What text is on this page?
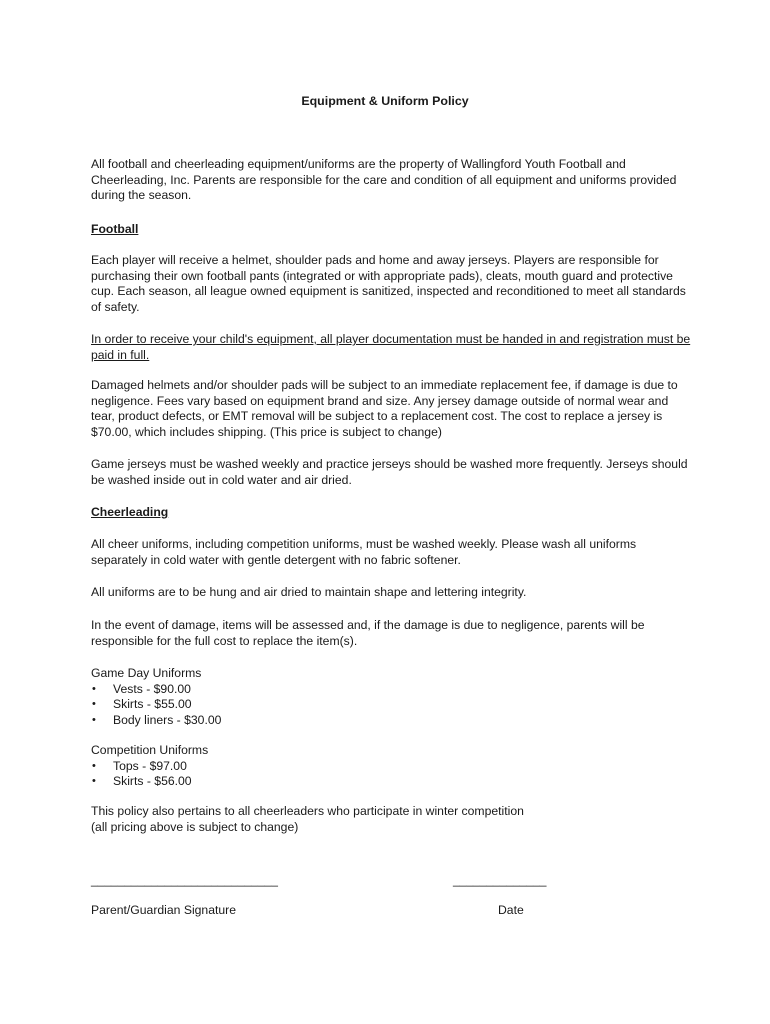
Equipment & Uniform Policy

All football and cheerleading equipment/uniforms are the property of Wallingford Youth Football and Cheerleading, Inc. Parents are responsible for the care and condition of all equipment and uniforms provided during the season.

Football

Each player will receive a helmet, shoulder pads and home and away jerseys. Players are responsible for purchasing their own football pants (integrated or with appropriate pads), cleats, mouth guard and protective cup. Each season, all league owned equipment is sanitized, inspected and reconditioned to meet all standards of safety.

In order to receive your child's equipment, all player documentation must be handed in and registration must be paid in full.

Damaged helmets and/or shoulder pads will be subject to an immediate replacement fee, if damage is due to negligence. Fees vary based on equipment brand and size. Any jersey damage outside of normal wear and tear, product defects, or EMT removal will be subject to a replacement cost. The cost to replace a jersey is $70.00, which includes shipping. (This price is subject to change)

Game jerseys must be washed weekly and practice jerseys should be washed more frequently. Jerseys should be washed inside out in cold water and air dried.

Cheerleading

All cheer uniforms, including competition uniforms, must be washed weekly. Please wash all uniforms separately in cold water with gentle detergent with no fabric softener.

All uniforms are to be hung and air dried to maintain shape and lettering integrity.

In the event of damage, items will be assessed and, if the damage is due to negligence, parents will be responsible for the full cost to replace the item(s).

Game Day Uniforms
• Vests - $90.00
• Skirts - $55.00
• Body liners - $30.00
Competition Uniforms
• Tops - $97.00
• Skirts - $56.00
This policy also pertains to all cheerleaders who participate in winter competition
(all pricing above is subject to change)
____________________________	______________
Parent/Guardian Signature	Date
